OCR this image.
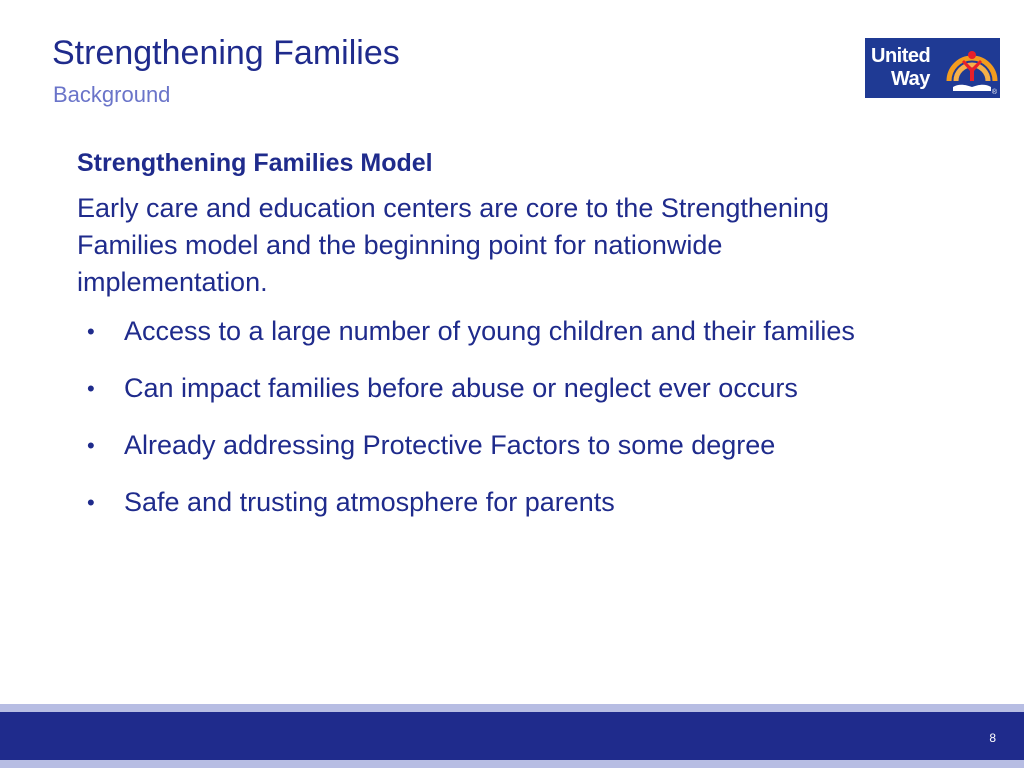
Strengthening Families
Background
United
Way
®

Strengthening Families Model

Early care and education centers are core to the Strengthening Families model and the beginning point for nationwide implementation.

• Access to a large number of young children and their families
• Can impact families before abuse or neglect ever occurs
• Already addressing Protective Factors to some degree
• Safe and trusting atmosphere for parents
8
